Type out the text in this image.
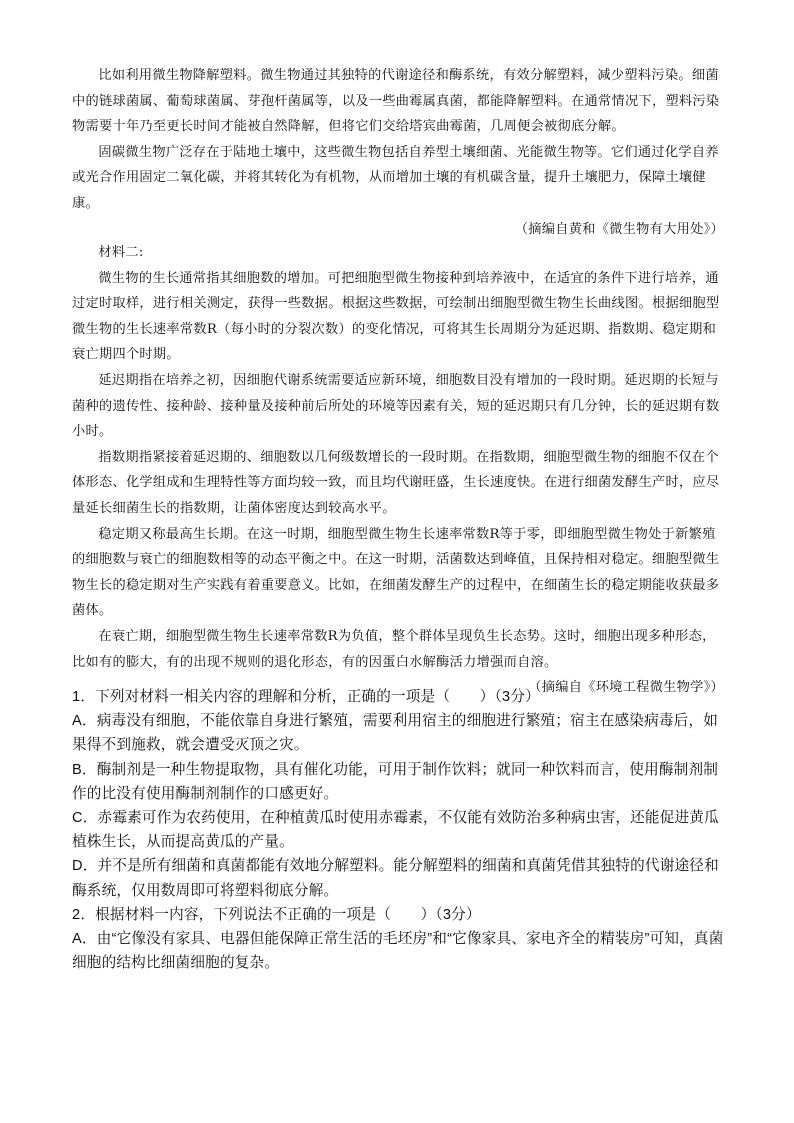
比如利用微生物降解塑料。微生物通过其独特的代谢途径和酶系统，有效分解塑料，减少塑料污染。细菌中的链球菌属、葡萄球菌属、芽孢杆菌属等，以及一些曲霉属真菌，都能降解塑料。在通常情况下，塑料污染物需要十年乃至更长时间才能被自然降解，但将它们交给塔宾曲霉菌，几周便会被彻底分解。

固碳微生物广泛存在于陆地土壤中，这些微生物包括自养型土壤细菌、光能微生物等。它们通过化学自养或光合作用固定二氧化碳，并将其转化为有机物，从而增加土壤的有机碳含量，提升土壤肥力，保障土壤健康。

（摘编自黄和《微生物有大用处》）

材料二:

微生物的生长通常指其细胞数的增加。可把细胞型微生物接种到培养液中，在适宜的条件下进行培养，通过定时取样，进行相关测定，获得一些数据。根据这些数据，可绘制出细胞型微生物生长曲线图。根据细胞型微生物的生长速率常数R（每小时的分裂次数）的变化情况，可将其生长周期分为延迟期、指数期、稳定期和衰亡期四个时期。

延迟期指在培养之初，因细胞代谢系统需要适应新环境，细胞数目没有增加的一段时期。延迟期的长短与菌种的遗传性、接种龄、接种量及接种前后所处的环境等因素有关，短的延迟期只有几分钟，长的延迟期有数小时。

指数期指紧接着延迟期的、细胞数以几何级数增长的一段时期。在指数期，细胞型微生物的细胞不仅在个体形态、化学组成和生理特性等方面均较一致，而且均代谢旺盛，生长速度快。在进行细菌发酵生产时，应尽量延长细菌生长的指数期，让菌体密度达到较高水平。

稳定期又称最高生长期。在这一时期，细胞型微生物生长速率常数R等于零，即细胞型微生物处于新繁殖的细胞数与衰亡的细胞数相等的动态平衡之中。在这一时期，活菌数达到峰值，且保持相对稳定。细胞型微生物生长的稳定期对生产实践有着重要意义。比如，在细菌发酵生产的过程中，在细菌生长的稳定期能收获最多菌体。

在衰亡期，细胞型微生物生长速率常数R为负值，整个群体呈现负生长态势。这时，细胞出现多种形态，比如有的膨大，有的出现不规则的退化形态，有的因蛋白水解酶活力增强而自溶。

（摘编自《环境工程微生物学》）

1．下列对材料一相关内容的理解和分析，正确的一项是（　　）（3分）

A．病毒没有细胞，不能依靠自身进行繁殖，需要利用宿主的细胞进行繁殖；宿主在感染病毒后，如果得不到施救，就会遭受灭顶之灾。

B．酶制剂是一种生物提取物，具有催化功能，可用于制作饮料；就同一种饮料而言，使用酶制剂制作的比没有使用酶制剂制作的口感更好。

C．赤霉素可作为农药使用，在种植黄瓜时使用赤霉素，不仅能有效防治多种病虫害，还能促进黄瓜植株生长，从而提高黄瓜的产量。

D．并不是所有细菌和真菌都能有效地分解塑料。能分解塑料的细菌和真菌凭借其独特的代谢途径和酶系统，仅用数周即可将塑料彻底分解。

2．根据材料一内容，下列说法不正确的一项是（　　）（3分）

A．由“它像没有家具、电器但能保障正常生活的毛坯房”和“它像家具、家电齐全的精装房”可知，真菌细胞的结构比细菌细胞的复杂。
